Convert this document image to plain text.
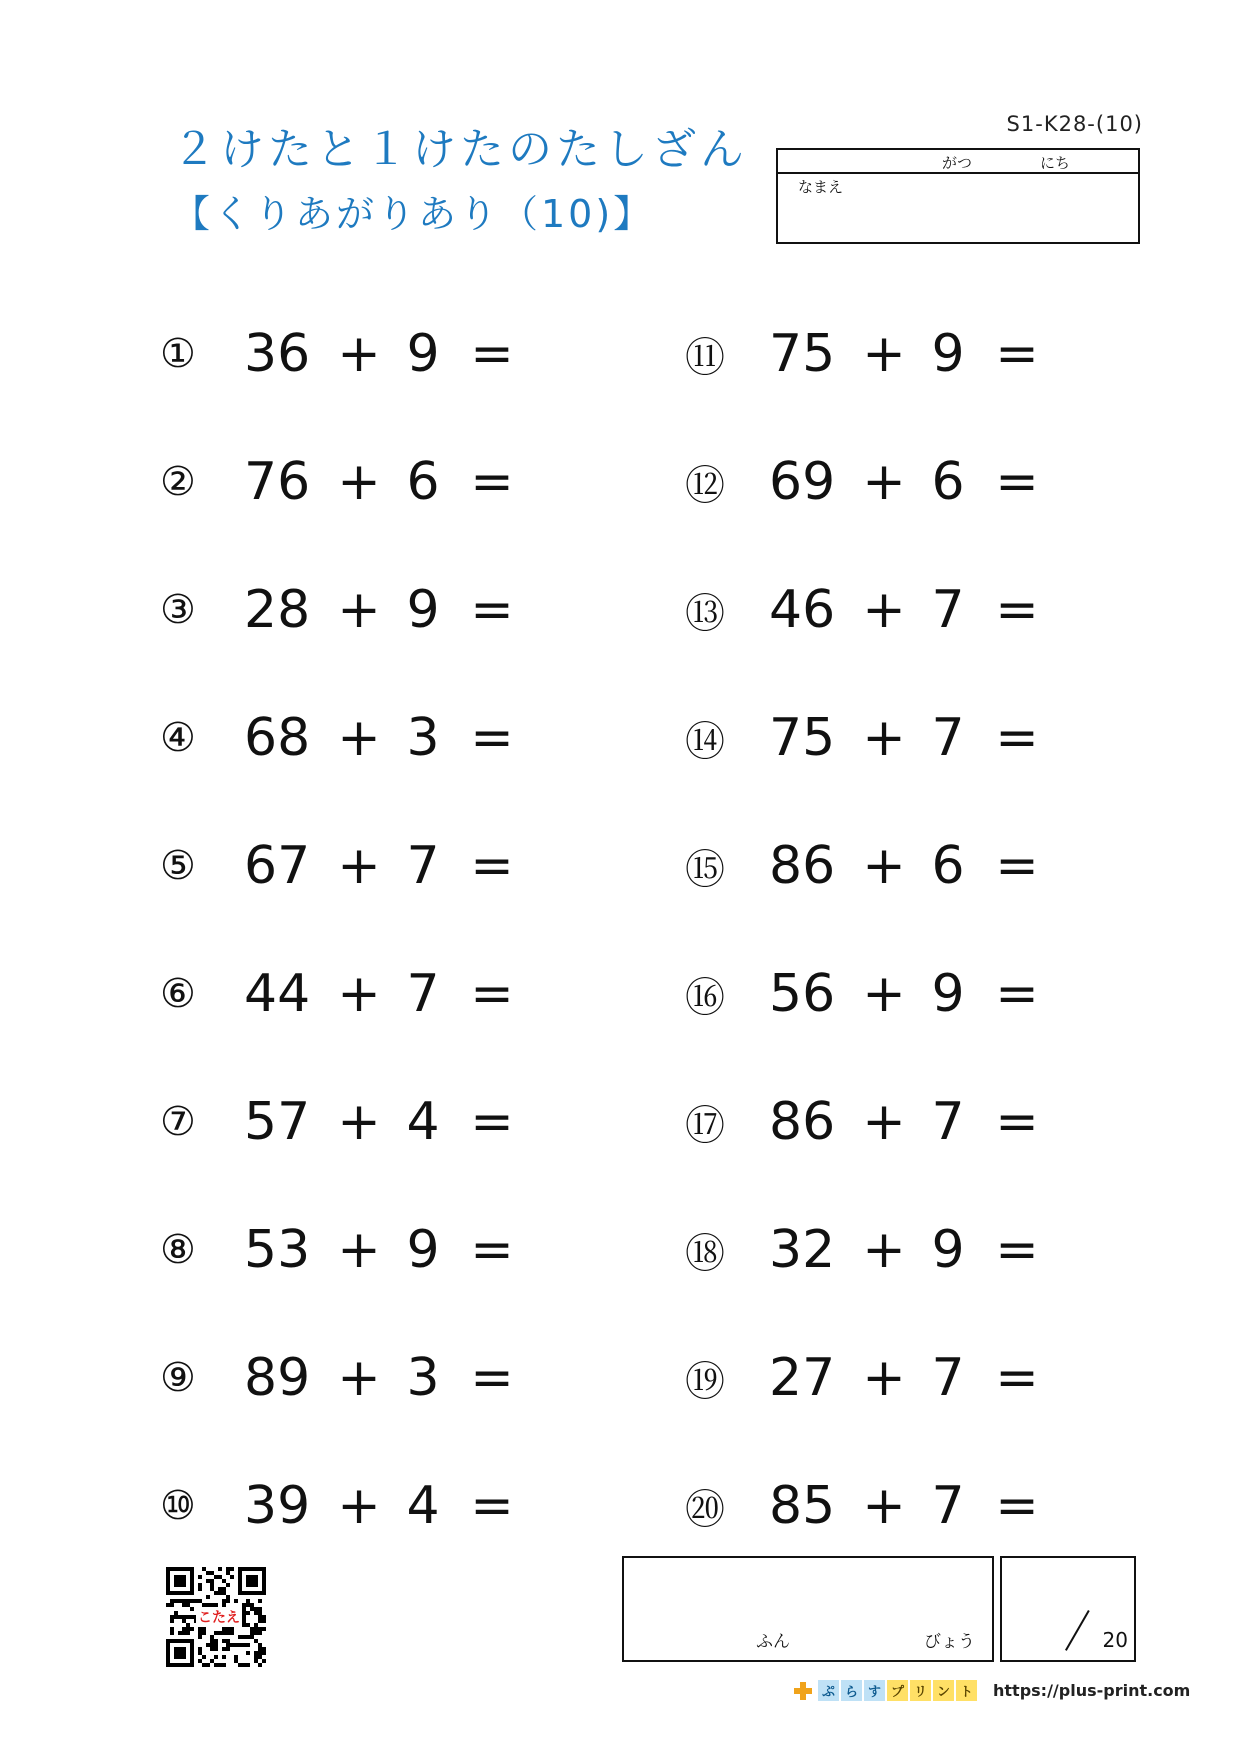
２けたと１けたのたしざん
【くりあがりあり（10)】
S1-K28-(10)
がつ	にち
なまえ
① 36 + 9 =
② 76 + 6 =
③ 28 + 9 =
④ 68 + 3 =
⑤ 67 + 7 =
⑥ 44 + 7 =
⑦ 57 + 4 =
⑧ 53 + 9 =
⑨ 89 + 3 =
⑩ 39 + 4 =
⑪ 75 + 9 =
⑫ 69 + 6 =
⑬ 46 + 7 =
⑭ 75 + 7 =
⑮ 86 + 6 =
⑯ 56 + 9 =
⑰ 86 + 7 =
⑱ 32 + 9 =
⑲ 27 + 7 =
⑳ 85 + 7 =
こたえ
ふん	びょう	20
ぷ ら す プ リ ン ト https://plus-print.com
